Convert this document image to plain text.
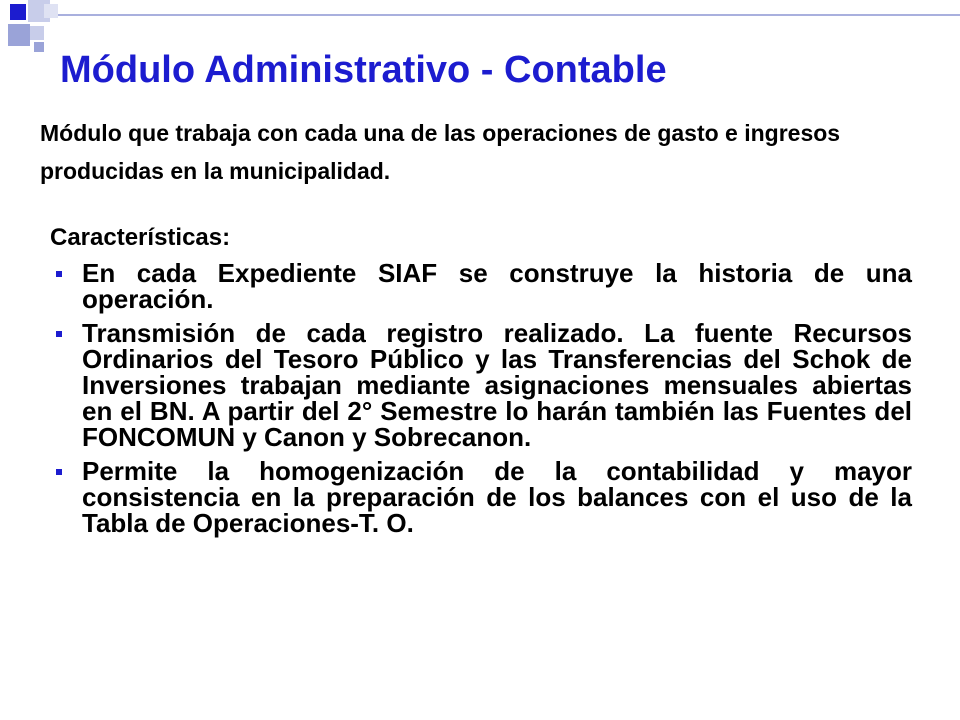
Módulo Administrativo - Contable

Módulo que trabaja con cada una de las operaciones de gasto e ingresos producidas en la municipalidad.

Características:
En cada Expediente SIAF se construye la historia de una operación.
Transmisión de cada registro realizado. La fuente Recursos Ordinarios del Tesoro Público y las Transferencias del Schok de Inversiones trabajan mediante asignaciones mensuales abiertas en el BN. A partir del 2° Semestre lo harán también las Fuentes del FONCOMUN y Canon y Sobrecanon.
Permite la homogenización de la contabilidad y mayor consistencia en la preparación de los balances con el uso de la Tabla de Operaciones-T. O.
